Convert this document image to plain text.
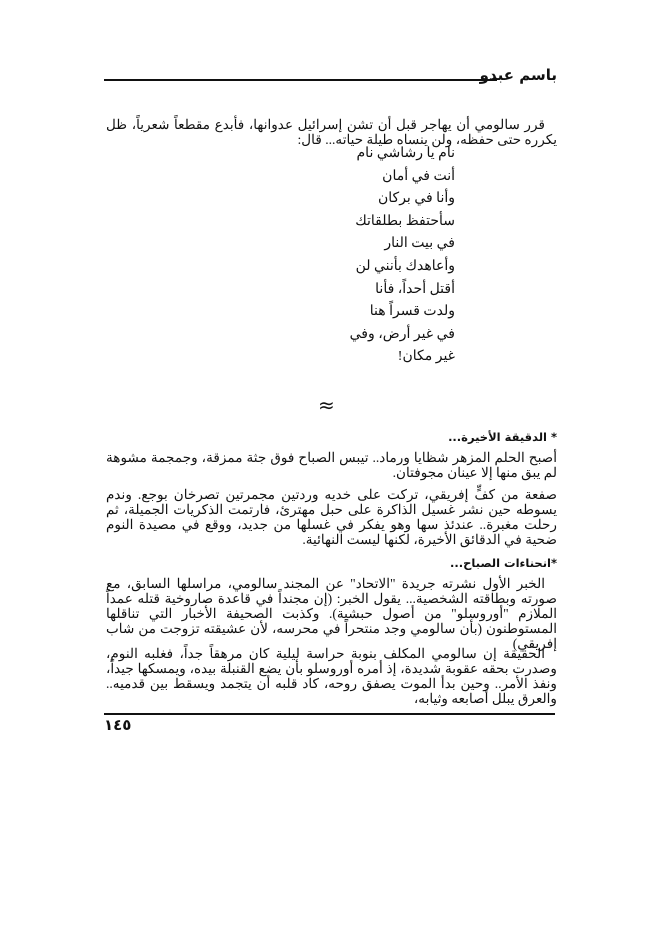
باسم عبدو

قرر سالومي أن يهاجر قبل أن تشن إسرائيل عدوانها، فأبدع مقطعاً شعرياً، ظل يكرره حتى حفظه، ولن ينساه طيلة حياته... قال:

نام يا رشاشي نام
أنت في أمان
وأنا في بركان
سأحتفظ بطلقاتك
في بيت النار
وأعاهدك بأنني لن
أقتل أحداً، فأنا
ولدت قسراً هنا
في غير أرض، وفي
غير مكان!
≈
* الدقيقة الأخيرة...

أصبح الحلم المزهر شظايا ورماد.. تيبس الصباح فوق جثة ممزقة، وجمجمة مشوهة لم يبق منها إلا عينان مجوفتان.

صفعة من كفٍّ إفريقي، تركت على خديه وردتين مجمرتين تصرخان بوجع. وندم يسوطه حين نشر غسيل الذاكرة على حبل مهترئ، فارتمت الذكريات الجميلة، ثم رحلت مغبرة.. عندئذ سها وهو يفكر في غسلها من جديد، ووقع في مصيدة النوم ضحية في الدقائق الأخيرة، لكنها ليست النهائية.

*انحناءات الصباح...

الخبر الأول نشرته جريدة "الاتحاد" عن المجند سالومي، مراسلها السابق، مع صورته وبطاقته الشخصية... يقول الخبر: (إن مجنداً في قاعدة صاروخية قتله عمداً الملازم "أوروسلو" من أصول حبشية). وكذبت الصحيفة الأخبار التي تناقلها المستوطنون (بأن سالومي وجد منتحراً في محرسه، لأن عشيقته تزوجت من شاب إفريقي)

الحقيقة إن سالومي المكلف بنوبة حراسة ليلية كان مرهقاً جداً، فغلبه النوم، وصدرت بحقه عقوبة شديدة، إذ أمره أوروسلو بأن يضع القنبلة بيده، ويمسكها جيداً، ونفذ الأمر.. وحين بدأ الموت يصفق روحه، كاد قلبه أن يتجمد ويسقط بين قدميه.. والعرق يبلل أصابعه وثيابه،

١٤٥
